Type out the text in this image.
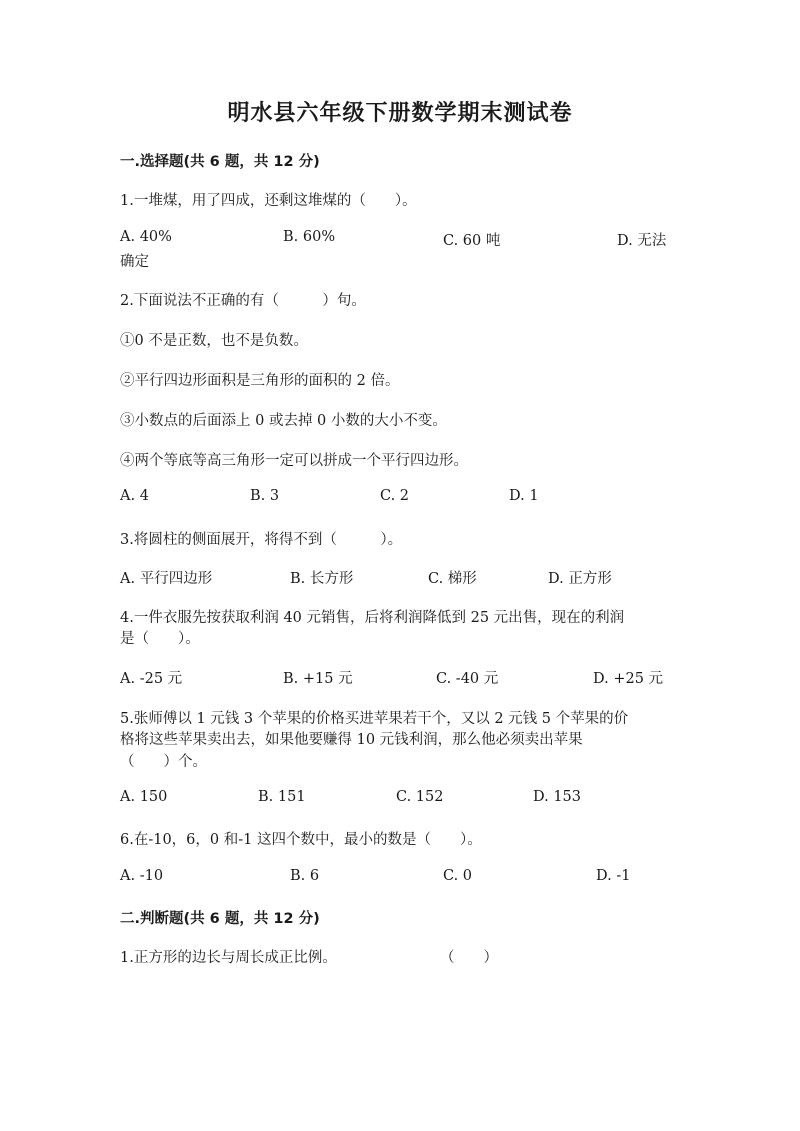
明水县六年级下册数学期末测试卷
一.选择题(共 6 题，共 12 分)
1.一堆煤，用了四成，还剩这堆煤的（　　）。
A. 40%	B. 60%	C. 60 吨	D. 无法
确定
2.下面说法不正确的有（　　　）句。
①0 不是正数，也不是负数。
②平行四边形面积是三角形的面积的 2 倍。
③小数点的后面添上 0 或去掉 0 小数的大小不变。
④两个等底等高三角形一定可以拼成一个平行四边形。
A. 4	B. 3	C. 2	D. 1
3.将圆柱的侧面展开，将得不到（　　　）。
A. 平行四边形	B. 长方形	C. 梯形	D. 正方形
4.一件衣服先按获取利润 40 元销售，后将利润降低到 25 元出售，现在的利润
是（　　）。
A. -25 元	B. +15 元	C. -40 元	D. +25 元
5.张师傅以 1 元钱 3 个苹果的价格买进苹果若干个，又以 2 元钱 5 个苹果的价
格将这些苹果卖出去，如果他要赚得 10 元钱利润，那么他必须卖出苹果
（　　）个。
A. 150	B. 151	C. 152	D. 153
6.在-10，6，0 和-1 这四个数中，最小的数是（　　）。
A. -10	B. 6	C. 0	D. -1
二.判断题(共 6 题，共 12 分)
1.正方形的边长与周长成正比例。	（　　）
